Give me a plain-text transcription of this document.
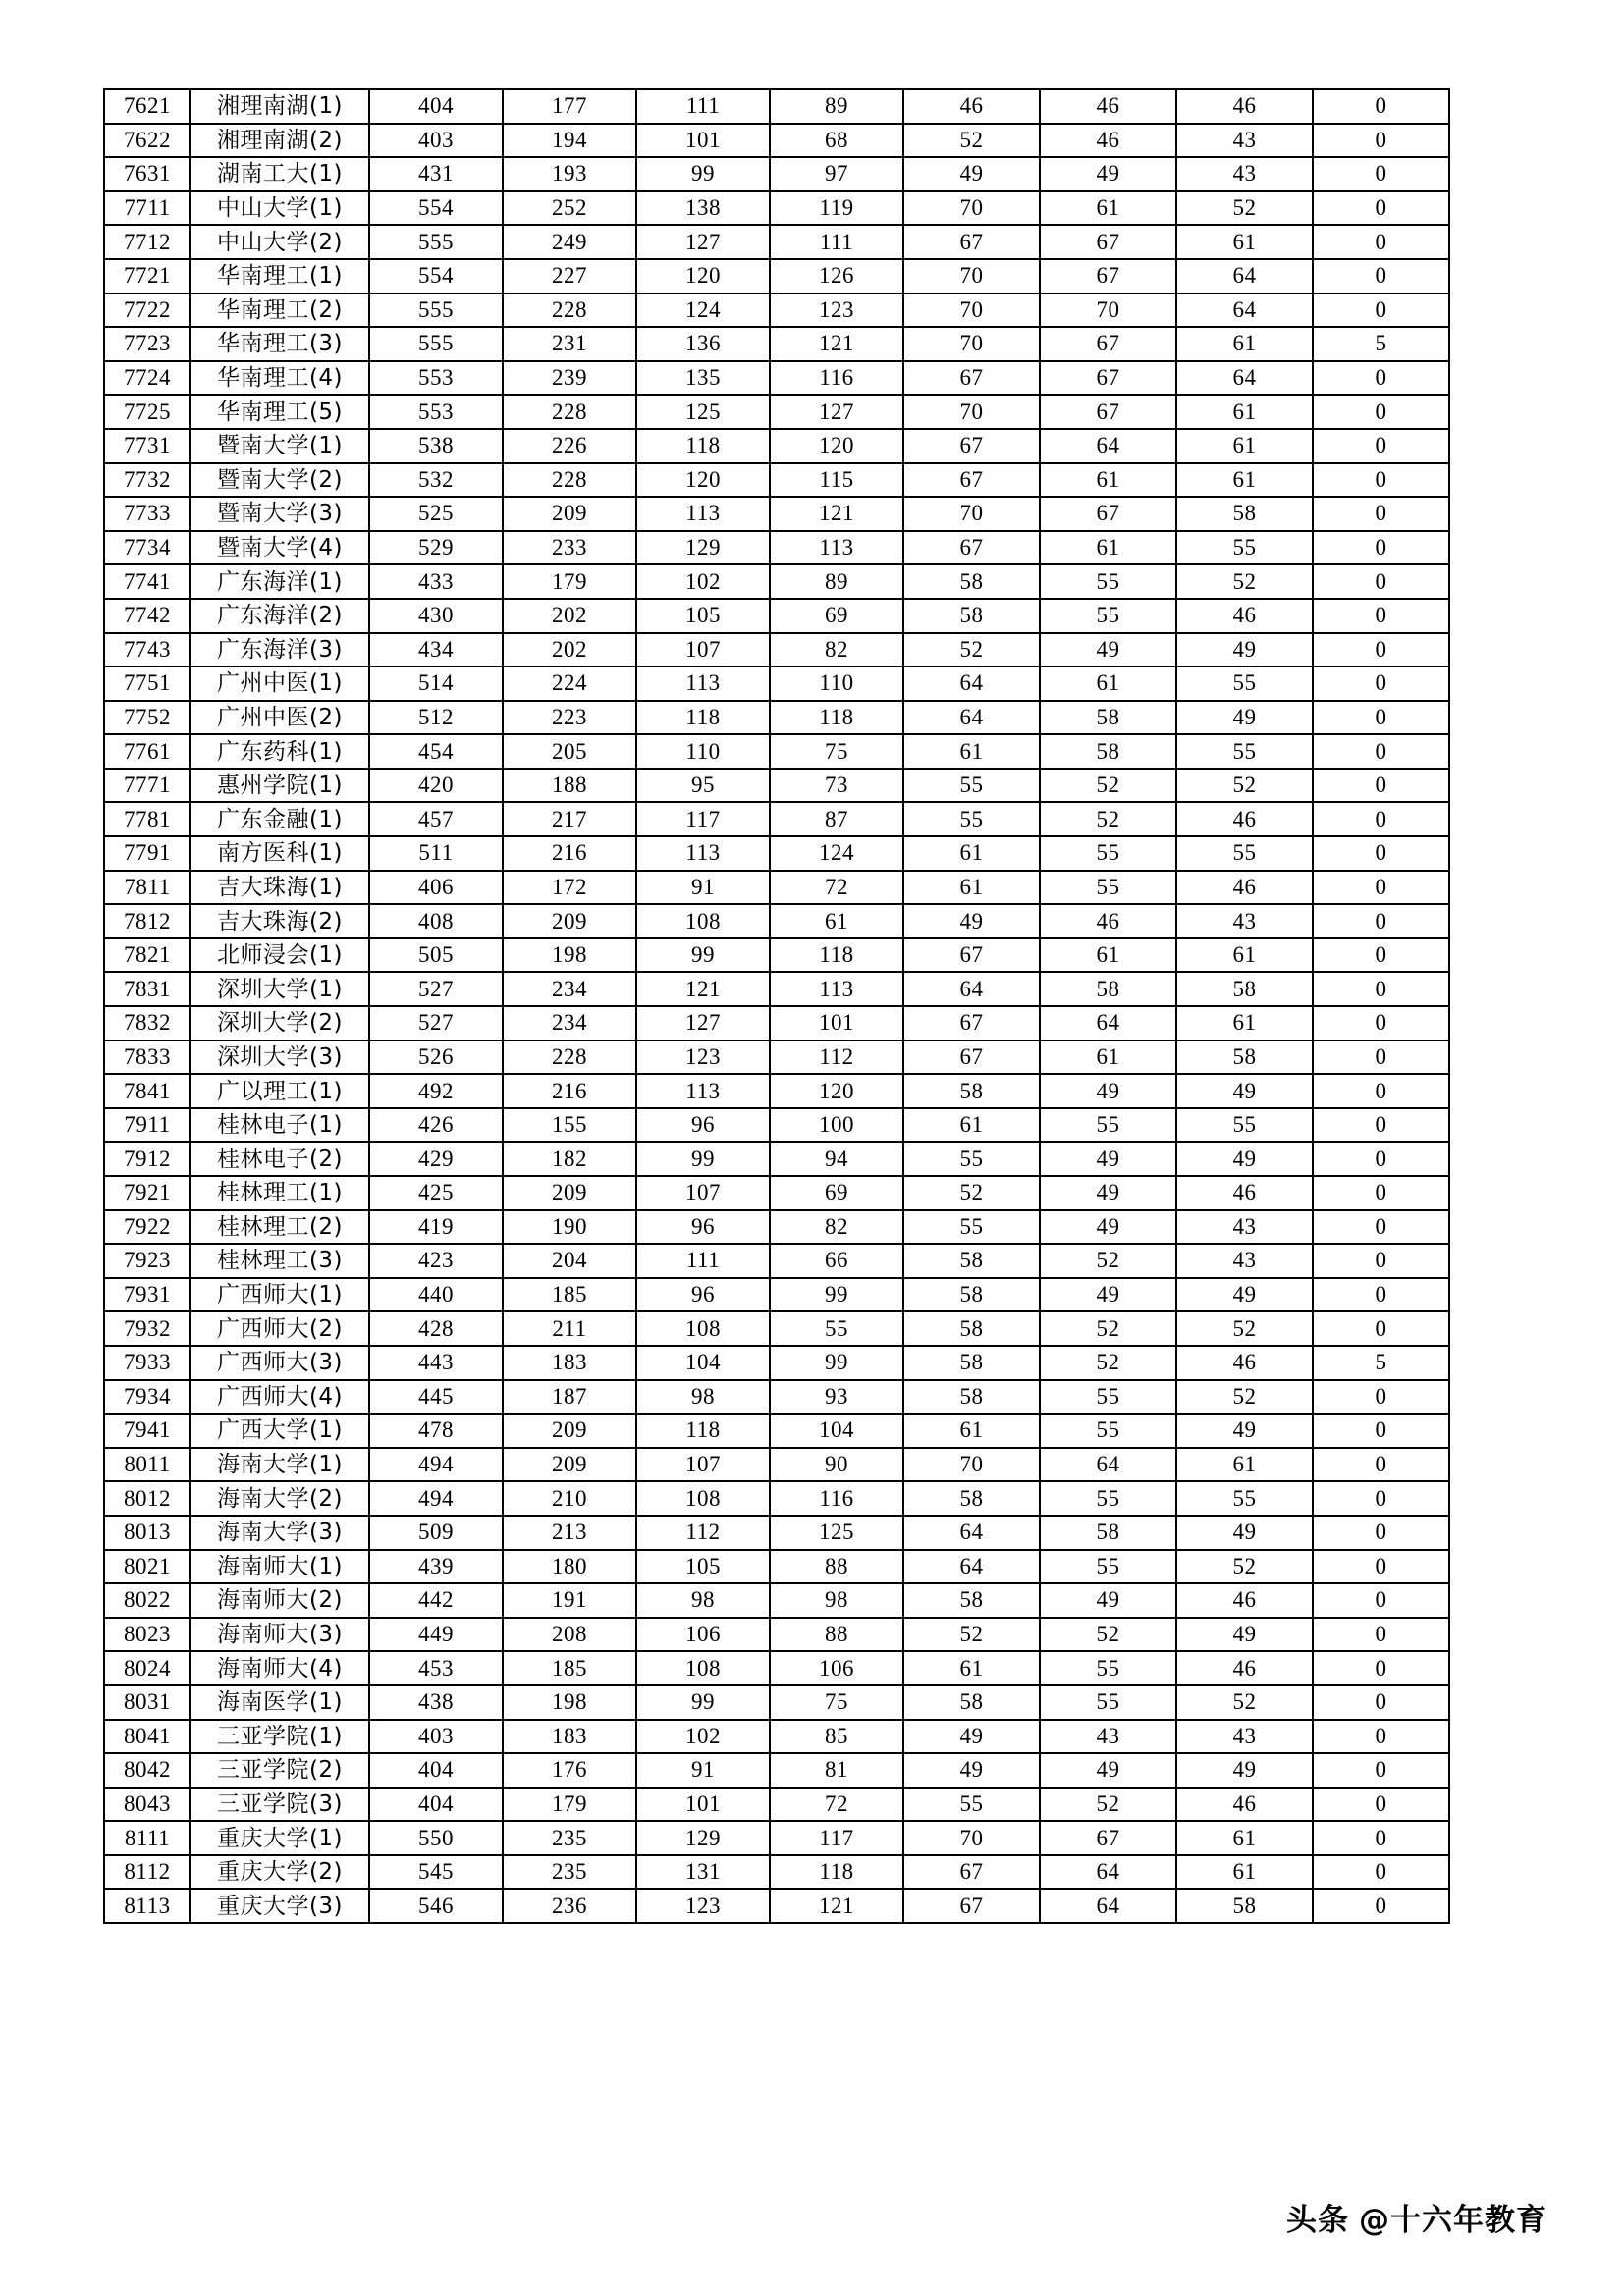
7621	湘理南湖(1)	404	177	111	89	46	46	46	0
7622	湘理南湖(2)	403	194	101	68	52	46	43	0
7631	湖南工大(1)	431	193	99	97	49	49	43	0
7711	中山大学(1)	554	252	138	119	70	61	52	0
7712	中山大学(2)	555	249	127	111	67	67	61	0
7721	华南理工(1)	554	227	120	126	70	67	64	0
7722	华南理工(2)	555	228	124	123	70	70	64	0
7723	华南理工(3)	555	231	136	121	70	67	61	5
7724	华南理工(4)	553	239	135	116	67	67	64	0
7725	华南理工(5)	553	228	125	127	70	67	61	0
7731	暨南大学(1)	538	226	118	120	67	64	61	0
7732	暨南大学(2)	532	228	120	115	67	61	61	0
7733	暨南大学(3)	525	209	113	121	70	67	58	0
7734	暨南大学(4)	529	233	129	113	67	61	55	0
7741	广东海洋(1)	433	179	102	89	58	55	52	0
7742	广东海洋(2)	430	202	105	69	58	55	46	0
7743	广东海洋(3)	434	202	107	82	52	49	49	0
7751	广州中医(1)	514	224	113	110	64	61	55	0
7752	广州中医(2)	512	223	118	118	64	58	49	0
7761	广东药科(1)	454	205	110	75	61	58	55	0
7771	惠州学院(1)	420	188	95	73	55	52	52	0
7781	广东金融(1)	457	217	117	87	55	52	46	0
7791	南方医科(1)	511	216	113	124	61	55	55	0
7811	吉大珠海(1)	406	172	91	72	61	55	46	0
7812	吉大珠海(2)	408	209	108	61	49	46	43	0
7821	北师浸会(1)	505	198	99	118	67	61	61	0
7831	深圳大学(1)	527	234	121	113	64	58	58	0
7832	深圳大学(2)	527	234	127	101	67	64	61	0
7833	深圳大学(3)	526	228	123	112	67	61	58	0
7841	广以理工(1)	492	216	113	120	58	49	49	0
7911	桂林电子(1)	426	155	96	100	61	55	55	0
7912	桂林电子(2)	429	182	99	94	55	49	49	0
7921	桂林理工(1)	425	209	107	69	52	49	46	0
7922	桂林理工(2)	419	190	96	82	55	49	43	0
7923	桂林理工(3)	423	204	111	66	58	52	43	0
7931	广西师大(1)	440	185	96	99	58	49	49	0
7932	广西师大(2)	428	211	108	55	58	52	52	0
7933	广西师大(3)	443	183	104	99	58	52	46	5
7934	广西师大(4)	445	187	98	93	58	55	52	0
7941	广西大学(1)	478	209	118	104	61	55	49	0
8011	海南大学(1)	494	209	107	90	70	64	61	0
8012	海南大学(2)	494	210	108	116	58	55	55	0
8013	海南大学(3)	509	213	112	125	64	58	49	0
8021	海南师大(1)	439	180	105	88	64	55	52	0
8022	海南师大(2)	442	191	98	98	58	49	46	0
8023	海南师大(3)	449	208	106	88	52	52	49	0
8024	海南师大(4)	453	185	108	106	61	55	46	0
8031	海南医学(1)	438	198	99	75	58	55	52	0
8041	三亚学院(1)	403	183	102	85	49	43	43	0
8042	三亚学院(2)	404	176	91	81	49	49	49	0
8043	三亚学院(3)	404	179	101	72	55	52	46	0
8111	重庆大学(1)	550	235	129	117	70	67	61	0
8112	重庆大学(2)	545	235	131	118	67	64	61	0
8113	重庆大学(3)	546	236	123	121	67	64	58	0
头条 @十六年教育
